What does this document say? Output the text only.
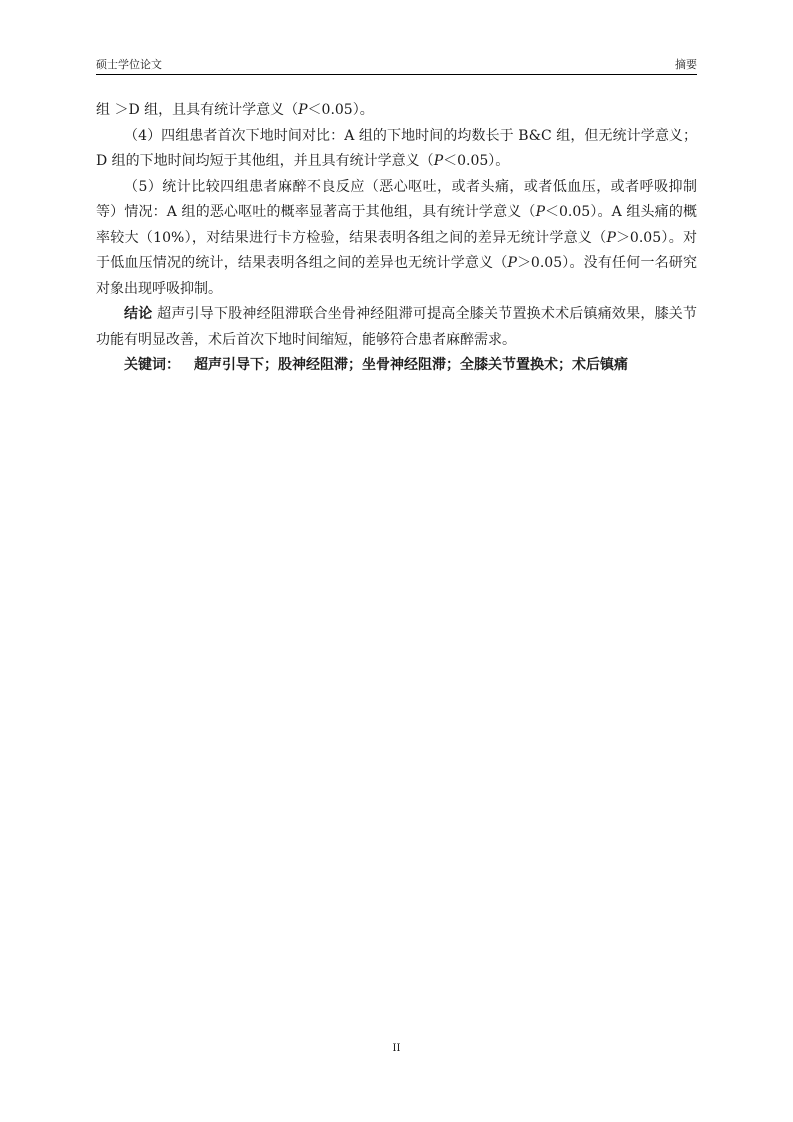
硕士学位论文	摘要

组 ＞D 组，且具有统计学意义（P＜0.05）。

（4）四组患者首次下地时间对比：A 组的下地时间的均数长于 B&C 组，但无统计学意义；D 组的下地时间均短于其他组，并且具有统计学意义（P＜0.05）。

（5）统计比较四组患者麻醉不良反应（恶心呕吐，或者头痛，或者低血压，或者呼吸抑制等）情况：A 组的恶心呕吐的概率显著高于其他组，具有统计学意义（P＜0.05）。A 组头痛的概率较大（10%），对结果进行卡方检验，结果表明各组之间的差异无统计学意义（P＞0.05）。对于低血压情况的统计，结果表明各组之间的差异也无统计学意义（P＞0.05）。没有任何一名研究对象出现呼吸抑制。

结论 超声引导下股神经阻滞联合坐骨神经阻滞可提高全膝关节置换术术后镇痛效果，膝关节功能有明显改善，术后首次下地时间缩短，能够符合患者麻醉需求。

关键词： 超声引导下；股神经阻滞；坐骨神经阻滞；全膝关节置换术；术后镇痛

II
